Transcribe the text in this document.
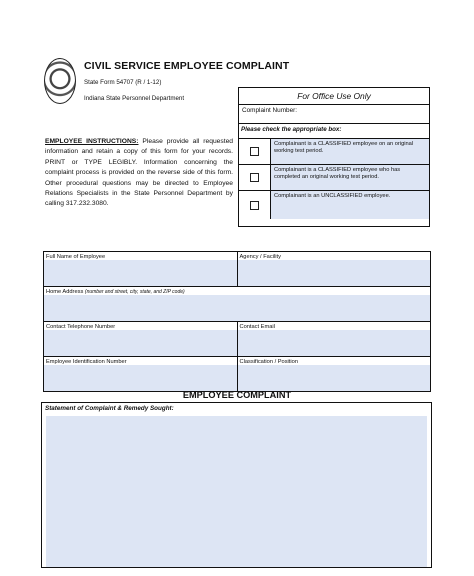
CIVIL SERVICE EMPLOYEE COMPLAINT
State Form 54707 (R / 1-12)
Indiana State Personnel Department	For Office Use Only
Complaint Number:
Please check the appropriate box:
Complainant is a CLASSIFIED employee on an original working test period.
Complainant is a CLASSIFIED employee who has completed an original working test period.
Complainant is an UNCLASSIFIED employee.
EMPLOYEE INSTRUCTIONS: Please provide all requested information and retain a copy of this form for your records. PRINT or TYPE LEGIBLY. Information concerning the complaint process is provided on the reverse side of this form. Other procedural questions may be directed to Employee Relations Specialists in the State Personnel Department by calling 317.232.3080.
Full Name of Employee	Agency / Facility
Home Address (number and street, city, state, and ZIP code)
Contact Telephone Number	Contact Email
Employee Identification Number	Classification / Position
EMPLOYEE COMPLAINT
Statement of Complaint & Remedy Sought:
